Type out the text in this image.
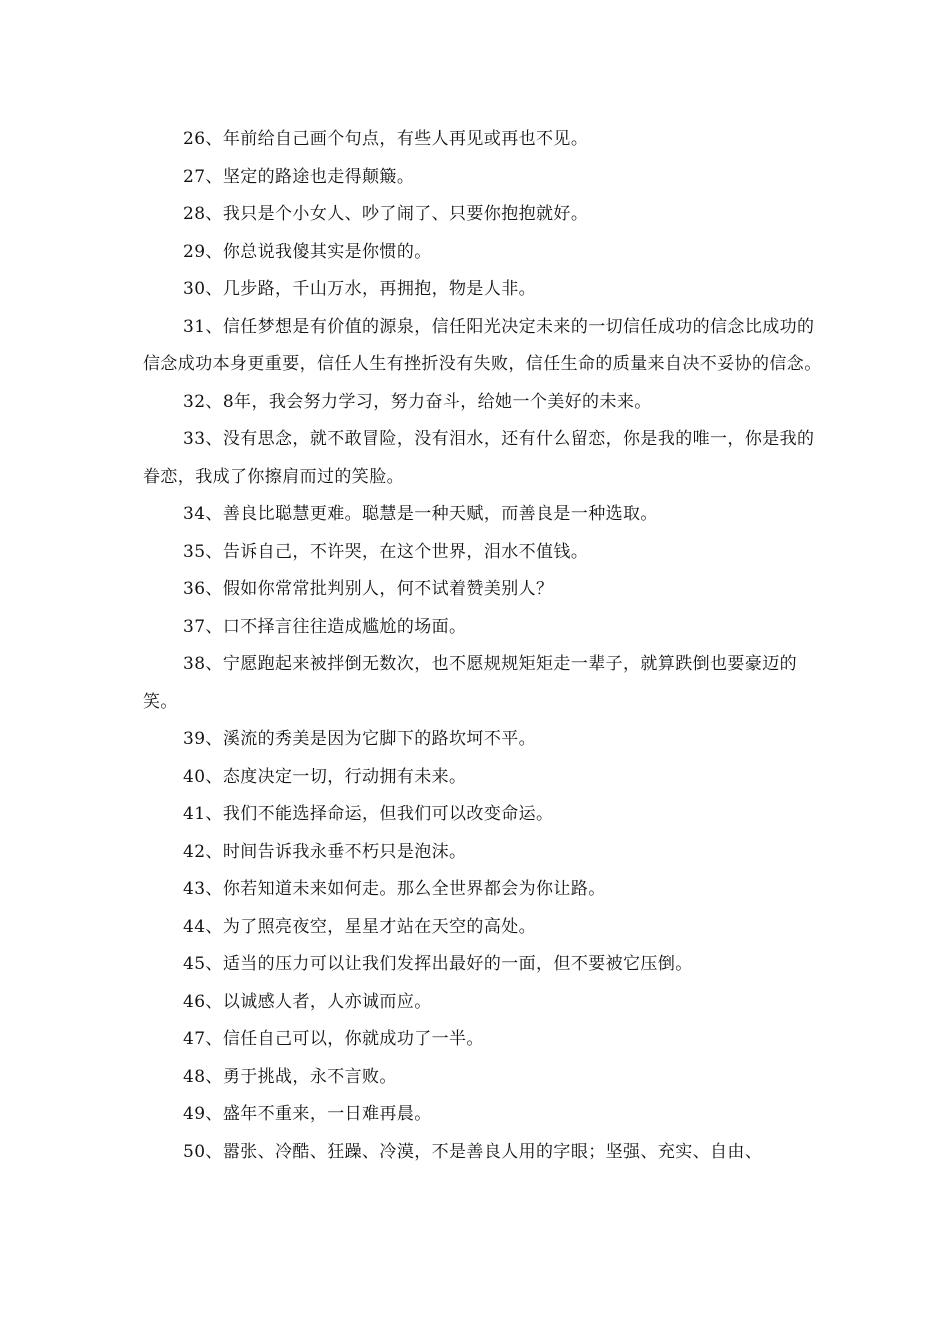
26、年前给自己画个句点，有些人再见或再也不见。

27、坚定的路途也走得颠簸。

28、我只是个小女人、吵了闹了、只要你抱抱就好。

29、你总说我傻其实是你惯的。

30、几步路，千山万水，再拥抱，物是人非。

31、信任梦想是有价值的源泉，信任阳光决定未来的一切信任成功的信念比成功的信念成功本身更重要，信任人生有挫折没有失败，信任生命的质量来自决不妥协的信念。

32、8年，我会努力学习，努力奋斗，给她一个美好的未来。

33、没有思念，就不敢冒险，没有泪水，还有什么留恋，你是我的唯一，你是我的眷恋，我成了你擦肩而过的笑脸。

34、善良比聪慧更难。聪慧是一种天赋，而善良是一种选取。

35、告诉自己，不许哭，在这个世界，泪水不值钱。

36、假如你常常批判别人，何不试着赞美别人？

37、口不择言往往造成尴尬的场面。

38、宁愿跑起来被拌倒无数次，也不愿规规矩矩走一辈子，就算跌倒也要豪迈的笑。

39、溪流的秀美是因为它脚下的路坎坷不平。

40、态度决定一切，行动拥有未来。

41、我们不能选择命运，但我们可以改变命运。

42、时间告诉我永垂不朽只是泡沫。

43、你若知道未来如何走。那么全世界都会为你让路。

44、为了照亮夜空，星星才站在天空的高处。

45、适当的压力可以让我们发挥出最好的一面，但不要被它压倒。

46、以诚感人者，人亦诚而应。

47、信任自己可以，你就成功了一半。

48、勇于挑战，永不言败。

49、盛年不重来，一日难再晨。

50、嚣张、冷酷、狂躁、冷漠，不是善良人用的字眼；坚强、充实、自由、
